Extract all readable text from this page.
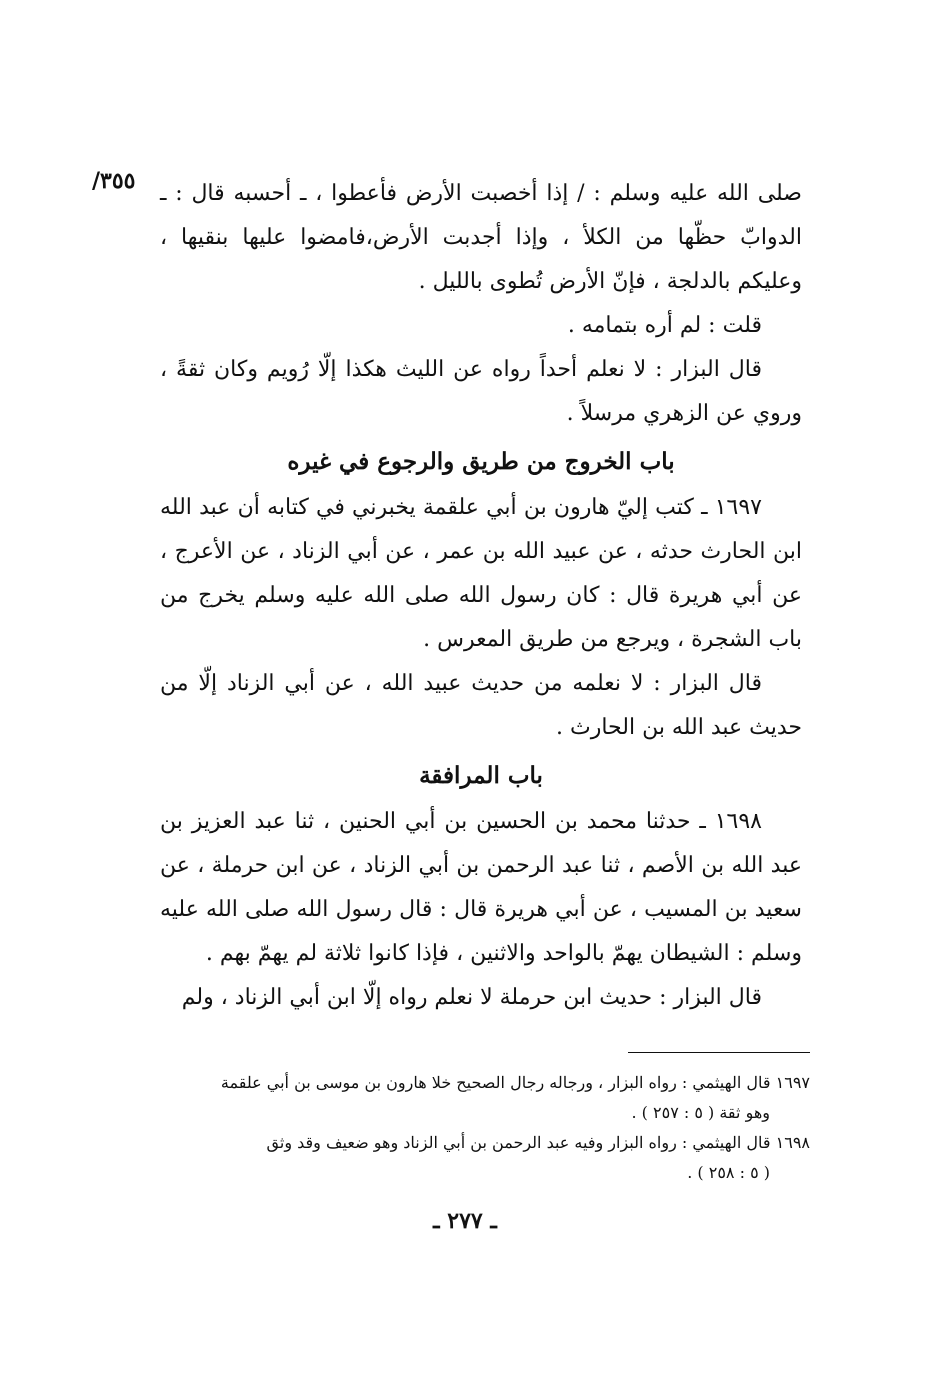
٣٥٥/ صلى الله عليه وسلم : / إذا أخصبت الأرض فأعطوا ، ـ أحسبه قال : ـ الدوابّ حظّها من الكلأ ، وإذا أجدبت الأرض،فامضوا عليها بنقيها ، وعليكم بالدلجة ، فإنّ الأرض تُطوى بالليل .

قلت : لم أره بتمامه .

قال البزار : لا نعلم أحداً رواه عن الليث هكذا إلّا رُويم وكان ثقةً ، وروي عن الزهري مرسلاً .

باب الخروج من طريق والرجوع في غيره

١٦٩٧ ـ كتب إليّ هارون بن أبي علقمة يخبرني في كتابه أن عبد الله ابن الحارث حدثه ، عن عبيد الله بن عمر ، عن أبي الزناد ، عن الأعرج ، عن أبي هريرة قال : كان رسول الله صلى الله عليه وسلم يخرج من باب الشجرة ، ويرجع من طريق المعرس .

قال البزار : لا نعلمه من حديث عبيد الله ، عن أبي الزناد إلّا من حديث عبد الله بن الحارث .

باب المرافقة

١٦٩٨ ـ حدثنا محمد بن الحسين بن أبي الحنين ، ثنا عبد العزيز بن عبد الله بن الأصم ، ثنا عبد الرحمن بن أبي الزناد ، عن ابن حرملة ، عن سعيد بن المسيب ، عن أبي هريرة قال : قال رسول الله صلى الله عليه وسلم : الشيطان يهمّ بالواحد والاثنين ، فإذا كانوا ثلاثة لم يهمّ بهم .

قال البزار : حديث ابن حرملة لا نعلم رواه إلّا ابن أبي الزناد ، ولم

١٦٩٧ قال الهيثمي : رواه البزار ، ورجاله رجال الصحيح خلا هارون بن موسى بن أبي علقمة

وهو ثقة ( ٥ : ٢٥٧ ) .

١٦٩٨ قال الهيثمي : رواه البزار وفيه عبد الرحمن بن أبي الزناد وهو ضعيف وقد وثق

( ٥ : ٢٥٨ ) .

ـ ٢٧٧ ـ
